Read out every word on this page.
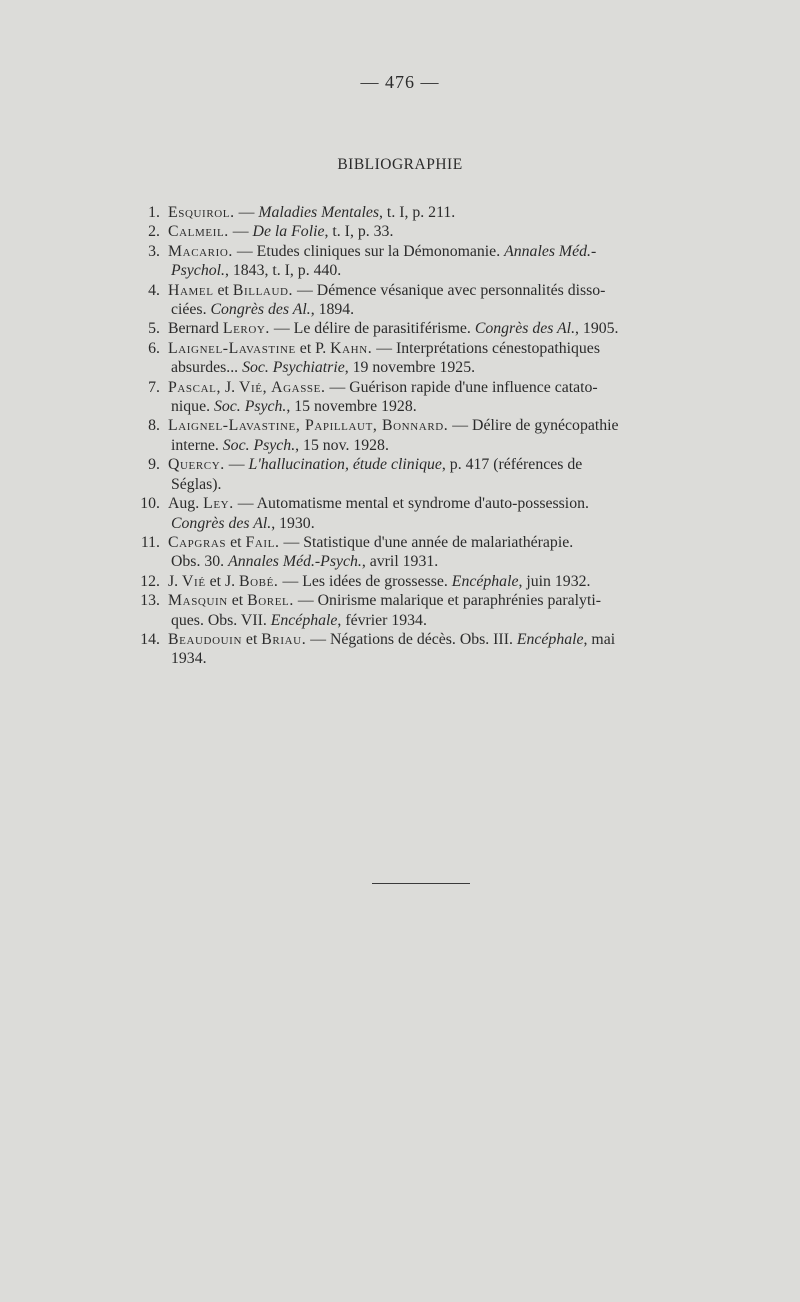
— 476 —
BIBLIOGRAPHIE
1. Esquirol. — Maladies Mentales, t. I, p. 211.
2. Calmeil. — De la Folie, t. I, p. 33.
3. Macario. — Etudes cliniques sur la Démonomanie. Annales Méd.-
Psychol., 1843, t. I, p. 440.
4. Hamel et Billaud. — Démence vésanique avec personnalités disso-
ciées. Congrès des Al., 1894.
5. Bernard Leroy. — Le délire de parasitiférisme. Congrès des Al., 1905.
6. Laignel-Lavastine et P. Kahn. — Interprétations cénestopathiques
absurdes... Soc. Psychiatrie, 19 novembre 1925.
7. Pascal, J. Vié, Agasse. — Guérison rapide d'une influence catato-
nique. Soc. Psych., 15 novembre 1928.
8. Laignel-Lavastine, Papillaut, Bonnard. — Délire de gynécopathie
interne. Soc. Psych., 15 nov. 1928.
9. Quercy. — L'hallucination, étude clinique, p. 417 (références de
Séglas).
10. Aug. Ley. — Automatisme mental et syndrome d'auto-possession.
Congrès des Al., 1930.
11. Capgras et Fail. — Statistique d'une année de malariathérapie.
Obs. 30. Annales Méd.-Psych., avril 1931.
12. J. Vié et J. Bobé. — Les idées de grossesse. Encéphale, juin 1932.
13. Masquin et Borel. — Onirisme malarique et paraphrénies paralyti-
ques. Obs. VII. Encéphale, février 1934.
14. Beaudouin et Briau. — Négations de décès. Obs. III. Encéphale, mai
1934.
